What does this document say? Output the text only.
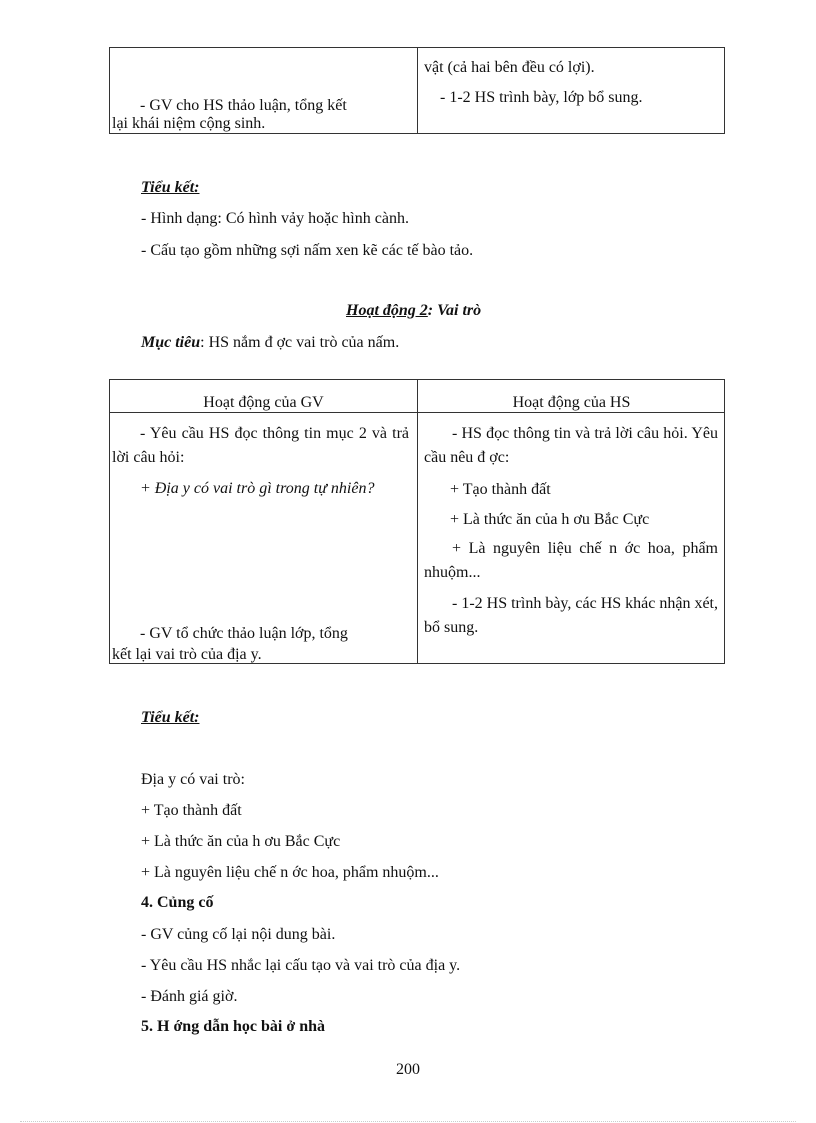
vật (cả hai bên đều có lợi).
- 1-2 HS trình bày, lớp bổ sung.
- GV cho HS thảo luận, tổng kết
lại khái niệm cộng sinh.
Tiểu kết:
- Hình dạng: Có hình vảy hoặc hình cành.
- Cấu tạo gồm những sợi nấm xen kẽ các tế bào tảo.
Hoạt động 2: Vai trò
Mục tiêu: HS nắm đ ợc vai trò của nấm.
Hoạt động của GV	Hoạt động của HS
- Yêu cầu HS đọc thông tin mục 2 và trả lời câu hỏi:
+ Địa y có vai trò gì trong tự nhiên?
- GV tổ chức thảo luận lớp, tổng
kết lại vai trò của địa y.
- HS đọc thông tin và trả lời câu hỏi. Yêu cầu nêu đ ợc:
+ Tạo thành đất
+ Là thức ăn của h ơu Bắc Cực
+ Là nguyên liệu chế n ớc hoa, phẩm nhuộm...
- 1-2 HS trình bày, các HS khác nhận xét, bổ sung.
Tiểu kết:
Địa y có vai trò:
+ Tạo thành đất
+ Là thức ăn của h ơu Bắc Cực
+ Là nguyên liệu chế n ớc hoa, phẩm nhuộm...
4. Củng cố
- GV củng cố lại nội dung bài.
- Yêu cầu HS nhắc lại cấu tạo và vai trò của địa y.
- Đánh giá giờ.
5. H ớng dẫn học bài ở nhà
200
